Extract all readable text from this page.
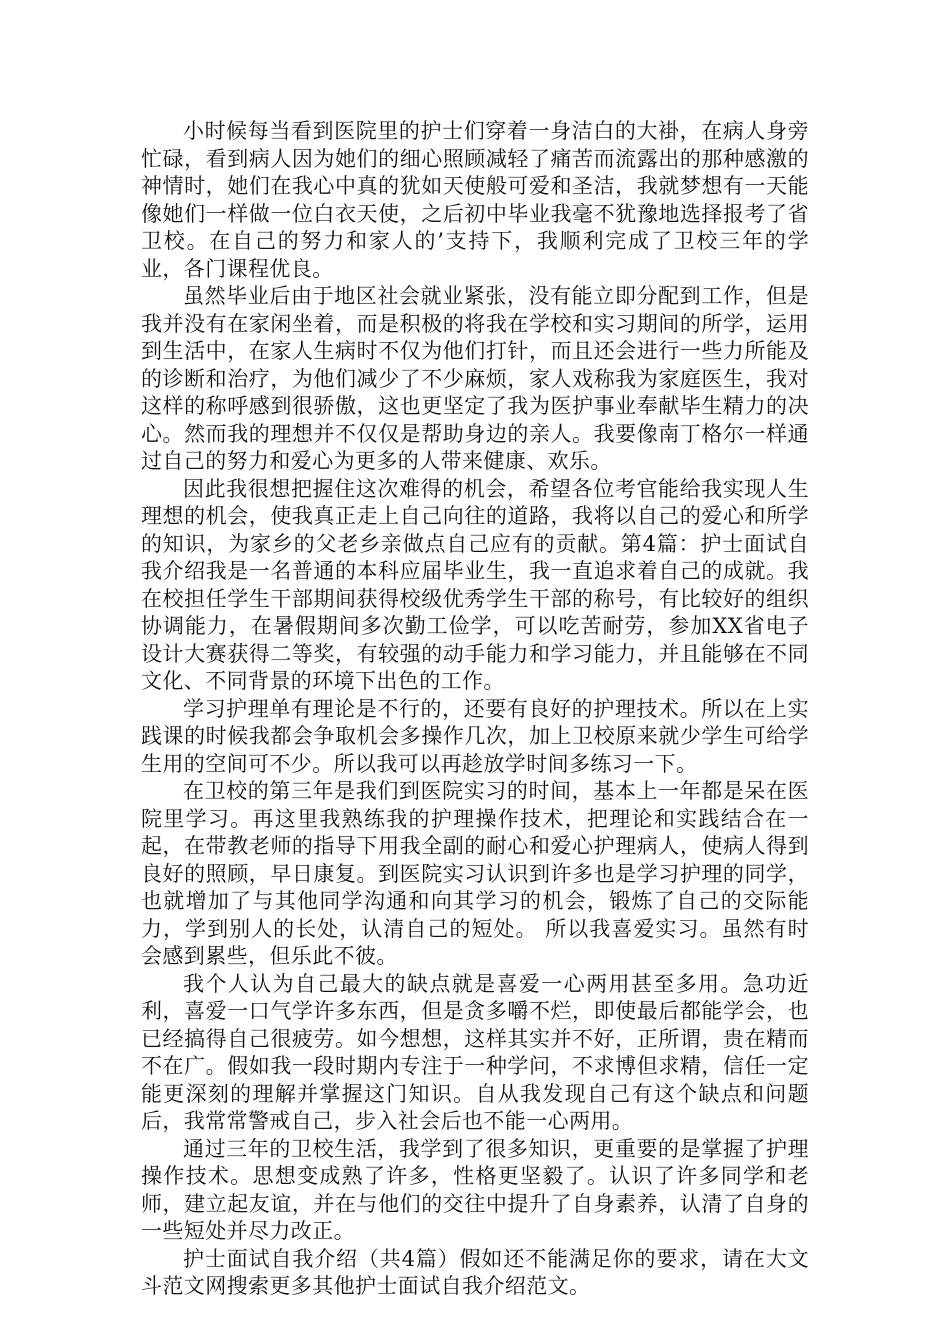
小时候每当看到医院里的护士们穿着一身洁白的大褂，在病人身旁忙碌，看到病人因为她们的细心照顾减轻了痛苦而流露出的那种感激的神情时，她们在我心中真的犹如天使般可爱和圣洁，我就梦想有一天能像她们一样做一位白衣天使，之后初中毕业我毫不犹豫地选择报考了省卫校。在自己的努力和家人的’支持下，我顺利完成了卫校三年的学业，各门课程优良。

虽然毕业后由于地区社会就业紧张，没有能立即分配到工作，但是我并没有在家闲坐着，而是积极的将我在学校和实习期间的所学，运用到生活中，在家人生病时不仅为他们打针，而且还会进行一些力所能及的诊断和治疗，为他们减少了不少麻烦，家人戏称我为家庭医生，我对这样的称呼感到很骄傲，这也更坚定了我为医护事业奉献毕生精力的决心。然而我的理想并不仅仅是帮助身边的亲人。我要像南丁格尔一样通过自己的努力和爱心为更多的人带来健康、欢乐。

因此我很想把握住这次难得的机会，希望各位考官能给我实现人生理想的机会，使我真正走上自己向往的道路，我将以自己的爱心和所学的知识，为家乡的父老乡亲做点自己应有的贡献。第4篇：护士面试自我介绍我是一名普通的本科应届毕业生，我一直追求着自己的成就。我在校担任学生干部期间获得校级优秀学生干部的称号，有比较好的组织协调能力，在暑假期间多次勤工俭学，可以吃苦耐劳，参加XX省电子设计大赛获得二等奖，有较强的动手能力和学习能力，并且能够在不同文化、不同背景的环境下出色的工作。

学习护理单有理论是不行的，还要有良好的护理技术。所以在上实践课的时候我都会争取机会多操作几次，加上卫校原来就少学生可给学生用的空间可不少。所以我可以再趁放学时间多练习一下。

在卫校的第三年是我们到医院实习的时间，基本上一年都是呆在医院里学习。再这里我熟练我的护理操作技术，把理论和实践结合在一起，在带教老师的指导下用我全副的耐心和爱心护理病人，使病人得到良好的照顾，早日康复。到医院实习认识到许多也是学习护理的同学，也就增加了与其他同学沟通和向其学习的机会，锻炼了自己的交际能力，学到别人的长处，认清自己的短处。 所以我喜爱实习。虽然有时会感到累些，但乐此不彼。

我个人认为自己最大的缺点就是喜爱一心两用甚至多用。急功近利，喜爱一口气学许多东西，但是贪多嚼不烂，即使最后都能学会，也已经搞得自己很疲劳。如今想想，这样其实并不好，正所谓，贵在精而不在广。假如我一段时期内专注于一种学问，不求博但求精，信任一定能更深刻的理解并掌握这门知识。自从我发现自己有这个缺点和问题后，我常常警戒自己，步入社会后也不能一心两用。

通过三年的卫校生活，我学到了很多知识，更重要的是掌握了护理操作技术。思想变成熟了许多，性格更坚毅了。认识了许多同学和老师，建立起友谊，并在与他们的交往中提升了自身素养，认清了自身的一些短处并尽力改正。

护士面试自我介绍（共4篇）假如还不能满足你的要求，请在大文斗范文网搜索更多其他护士面试自我介绍范文。
